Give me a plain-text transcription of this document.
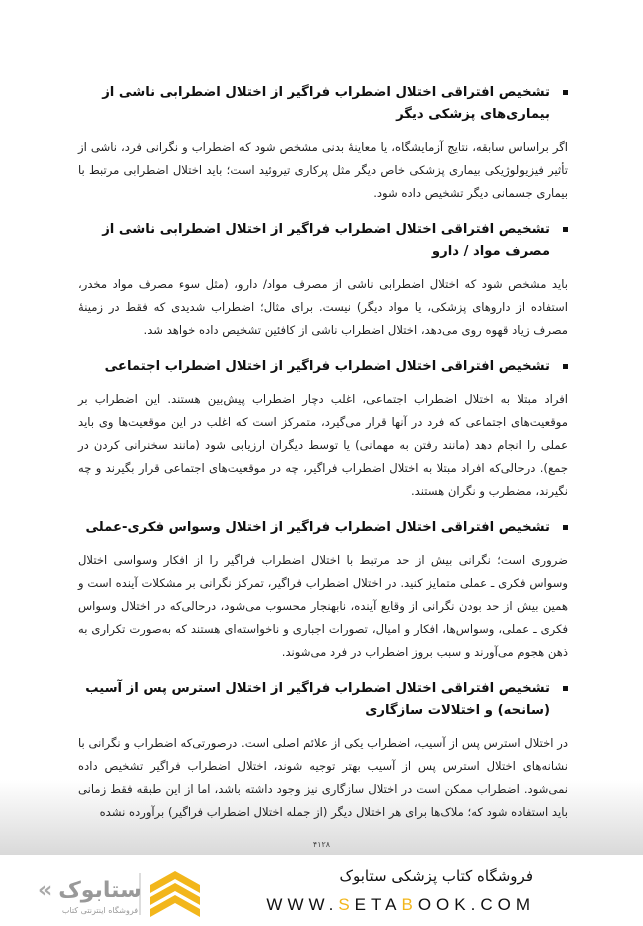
تشخیص افتراقی اختلال اضطراب فراگیر از اختلال اضطرابی ناشی از بیماری‌های پزشکی دیگر

اگر براساس سابقه، نتایج آزمایشگاه، یا معاینهٔ بدنی مشخص شود که اضطراب و نگرانی فرد، ناشی از تأثیر فیزیولوژیکی بیماری پزشکی خاص دیگر مثل پرکاری تیروئید است؛ باید اختلال اضطرابی مرتبط با بیماری جسمانی دیگر تشخیص داده شود.

تشخیص افتراقی اختلال اضطراب فراگیر از اختلال اضطرابی ناشی از مصرف مواد / دارو

باید مشخص شود که اختلال اضطرابی ناشی از مصرف مواد/ دارو، (مثل سوء مصرف مواد مخدر، استفاده از داروهای پزشکی، یا مواد دیگر) نیست. برای مثال؛ اضطراب شدیدی که فقط در زمینهٔ مصرف زیاد قهوه روی می‌دهد، اختلال اضطراب ناشی از کافئین تشخیص داده خواهد شد.

تشخیص افتراقی اختلال اضطراب فراگیر از اختلال اضطراب اجتماعی

افراد مبتلا به اختلال اضطراب اجتماعی، اغلب دچار اضطراب پیش‌بین هستند. این اضطراب بر موقعیت‌های اجتماعی که فرد در آنها قرار می‌گیرد، متمرکز است که اغلب در این موقعیت‌ها وی باید عملی را انجام دهد (مانند رفتن به مهمانی) یا توسط دیگران ارزیابی شود (مانند سخنرانی کردن در جمع). درحالی‌که افراد مبتلا به اختلال اضطراب فراگیر، چه در موقعیت‌های اجتماعی قرار بگیرند و چه نگیرند، مضطرب و نگران هستند.

تشخیص افتراقی اختلال اضطراب فراگیر از اختلال وسواس فکری-عملی

ضروری است؛ نگرانی بیش از حد مرتبط با اختلال اضطراب فراگیر را از افکار وسواسی اختلال وسواس فکری ـ عملی متمایز کنید. در اختلال اضطراب فراگیر، تمرکز نگرانی بر مشکلات آینده است و همین بیش از حد بودن نگرانی از وقایع آینده، نابهنجار محسوب می‌شود، درحالی‌که در اختلال وسواس فکری ـ عملی، وسواس‌ها، افکار و امیال، تصورات اجباری و ناخواسته‌ای هستند که به‌صورت تکراری به ذهن هجوم می‌آورند و سبب بروز اضطراب در فرد می‌شوند.

تشخیص افتراقی اختلال اضطراب فراگیر از اختلال استرس پس از آسیب (سانحه) و اختلالات سازگاری

در اختلال استرس پس از آسیب، اضطراب یکی از علائم اصلی است. درصورتی‌که اضطراب و نگرانی با نشانه‌های اختلال استرس پس از آسیب بهتر توجیه شوند، اختلال اضطراب فراگیر تشخیص داده نمی‌شود. اضطراب ممکن است در اختلال سازگاری نیز وجود داشته باشد، اما از این طبقه فقط زمانی باید استفاده شود که؛ ملاک‌ها برای هر اختلال دیگر (از جمله اختلال اضطراب فراگیر) برآورده نشده

۴۱۲۸
ستابوک
فروشگاه اینترنتی کتاب
«
فروشگاه کتاب پزشکی ستابوک
WWW.SETABOOK.COM
